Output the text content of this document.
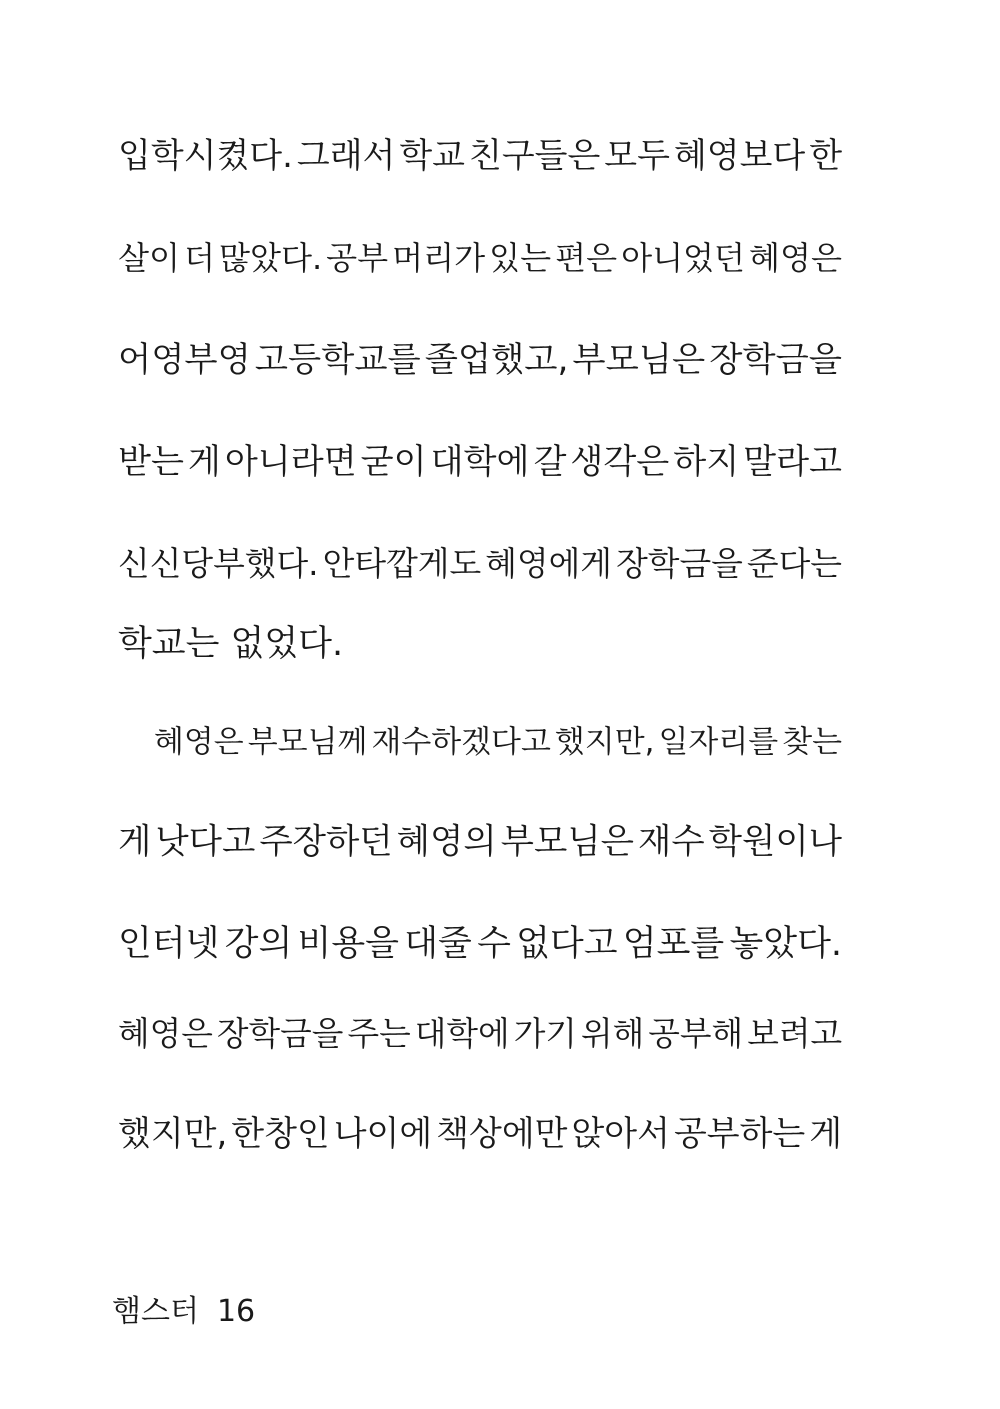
입학시켰다. 그래서 학교 친구들은 모두 혜영보다 한
살이 더 많았다. 공부 머리가 있는 편은 아니었던 혜영은
어영부영 고등학교를 졸업했고, 부모님은 장학금을
받는 게 아니라면 굳이 대학에 갈 생각은 하지 말라고
신신당부했다. 안타깝게도 혜영에게 장학금을 준다는
학교는 없었다.
혜영은 부모님께 재수하겠다고 했지만, 일자리를 찾는
게 낫다고 주장하던 혜영의 부모님은 재수 학원이나
인터넷 강의 비용을 대줄 수 없다고 엄포를 놓았다.
혜영은 장학금을 주는 대학에 가기 위해 공부해 보려고
했지만, 한창인 나이에 책상에만 앉아서 공부하는 게
햄스터 16
